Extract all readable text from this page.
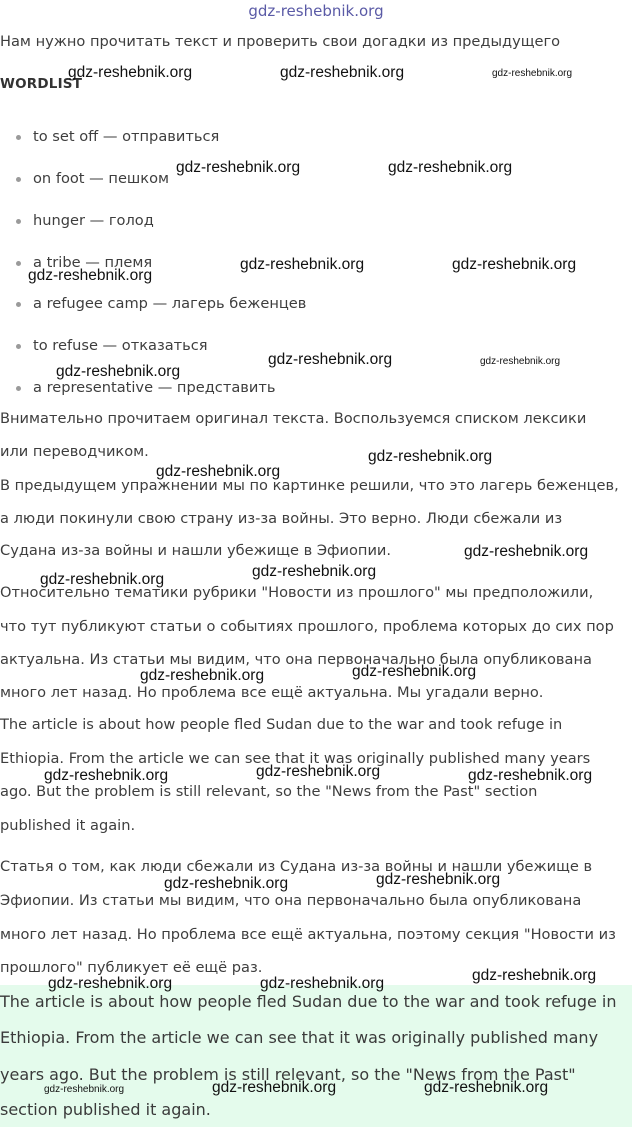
gdz-reshebnik.org
Нам нужно прочитать текст и проверить свои догадки из предыдущего
WORDLIST
to set off — отправиться
on foot — пешком
hunger — голод
a tribe — племя
a refugee camp — лагерь беженцев
to refuse — отказаться
a representative — представить
Внимательно прочитаем оригинал текста. Воспользуемся списком лексики
или переводчиком.
В предыдущем упражнении мы по картинке решили, что это лагерь беженцев,
а люди покинули свою страну из-за войны. Это верно. Люди сбежали из
Судана из-за войны и нашли убежище в Эфиопии.
Относительно тематики рубрики "Новости из прошлого" мы предположили,
что тут публикуют статьи о событиях прошлого, проблема которых до сих пор
актуальна. Из статьи мы видим, что она первоначально была опубликована
много лет назад. Но проблема все ещё актуальна. Мы угадали верно.
The article is about how people fled Sudan due to the war and took refuge in
Ethiopia. From the article we can see that it was originally published many years
ago. But the problem is still relevant, so the "News from the Past" section
published it again.
Статья о том, как люди сбежали из Судана из-за войны и нашли убежище в
Эфиопии. Из статьи мы видим, что она первоначально была опубликована
много лет назад. Но проблема все ещё актуальна, поэтому секция "Новости из
прошлого" публикует её ещё раз.
The article is about how people fled Sudan due to the war and took refuge in
Ethiopia. From the article we can see that it was originally published many
years ago. But the problem is still relevant, so the "News from the Past"
section published it again.
gdz-reshebnik.org	gdz-reshebnik.org	gdz-reshebnik.org
gdz-reshebnik.org	gdz-reshebnik.org
gdz-reshebnik.org	gdz-reshebnik.org
gdz-reshebnik.org
gdz-reshebnik.org	gdz-reshebnik.org
gdz-reshebnik.org
gdz-reshebnik.org
gdz-reshebnik.org
gdz-reshebnik.org
gdz-reshebnik.org
gdz-reshebnik.org
gdz-reshebnik.org
gdz-reshebnik.org
gdz-reshebnik.org
gdz-reshebnik.org	gdz-reshebnik.org
gdz-reshebnik.org
gdz-reshebnik.org
gdz-reshebnik.org
gdz-reshebnik.org	gdz-reshebnik.org
gdz-reshebnik.org	gdz-reshebnik.org
gdz-reshebnik.org
